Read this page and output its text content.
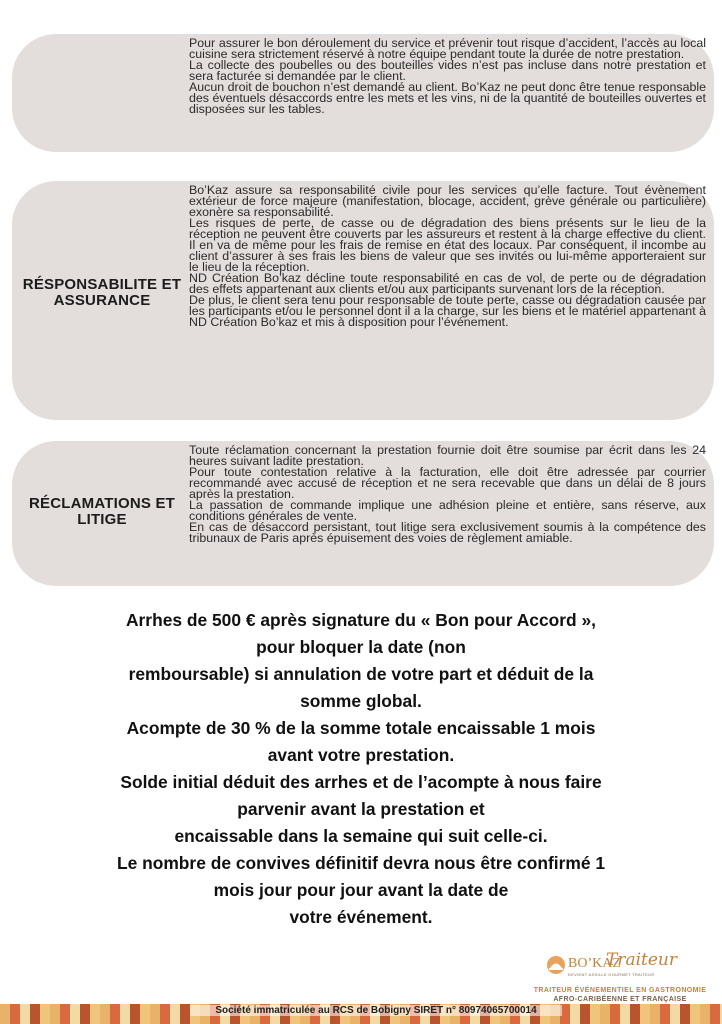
Pour assurer le bon déroulement du service et prévenir tout risque d’accident, l’accès au local cuisine sera strictement réservé à notre équipe pendant toute la durée de notre prestation.

La collecte des poubelles ou des bouteilles vides n’est pas incluse dans notre prestation et sera facturée si demandée par le client.

Aucun droit de bouchon n’est demandé au client. Bo’Kaz ne peut donc être tenue responsable des éventuels désaccords entre les mets et les vins, ni de la quantité de bouteilles ouvertes et disposées sur les tables.

RÉSPONSABILITE ET ASSURANCE

Bo’Kaz assure sa responsabilité civile pour les services qu’elle facture. Tout évènement extérieur de force majeure (manifestation, blocage, accident, grève générale ou particulière) exonère sa responsabilité.

Les risques de perte, de casse ou de dégradation des biens présents sur le lieu de la réception ne peuvent être couverts par les assureurs et restent à la charge effective du client. Il en va de même pour les frais de remise en état des locaux. Par conséquent, il incombe au client d’assurer à ses frais les biens de valeur que ses invités ou lui-même apporteraient sur le lieu de la réception.

ND Création Bo’kaz décline toute responsabilité en cas de vol, de perte ou de dégradation des effets appartenant aux clients et/ou aux participants survenant lors de la réception.

De plus, le client sera tenu pour responsable de toute perte, casse ou dégradation causée par les participants et/ou le personnel dont il a la charge, sur les biens et le matériel appartenant à ND Création Bo’kaz et mis à disposition pour l’événement.

RÉCLAMATIONS ET LITIGE

Toute réclamation concernant la prestation fournie doit être soumise par écrit dans les 24 heures suivant ladite prestation.

Pour toute contestation relative à la facturation, elle doit être adressée par courrier recommandé avec accusé de réception et ne sera recevable que dans un délai de 8 jours après la prestation.

La passation de commande implique une adhésion pleine et entière, sans réserve, aux conditions générales de vente.

En cas de désaccord persistant, tout litige sera exclusivement soumis à la compétence des tribunaux de Paris après épuisement des voies de règlement amiable.

Arrhes de 500 € après signature du « Bon pour Accord »,

pour bloquer la date (non

remboursable) si annulation de votre part et déduit de la

somme global.

Acompte de 30 % de la somme totale encaissable 1 mois

avant votre prestation.

Solde initial déduit des arrhes et de l’acompte à nous faire

parvenir avant la prestation et

encaissable dans la semaine qui suit celle-ci.

Le nombre de convives définitif devra nous être confirmé 1

mois jour pour jour avant la date de

votre événement.

BO’KAZ
Traiteur
DEVIENT ASSILLE GOURMET TRAITEUR
TRAITEUR ÉVÉNEMENTIEL EN GASTRONOMIE
AFRO-CARIBÉENNE ET FRANÇAISE
Société immatriculée au RCS de Bobigny SIRET n° 80974065700014
